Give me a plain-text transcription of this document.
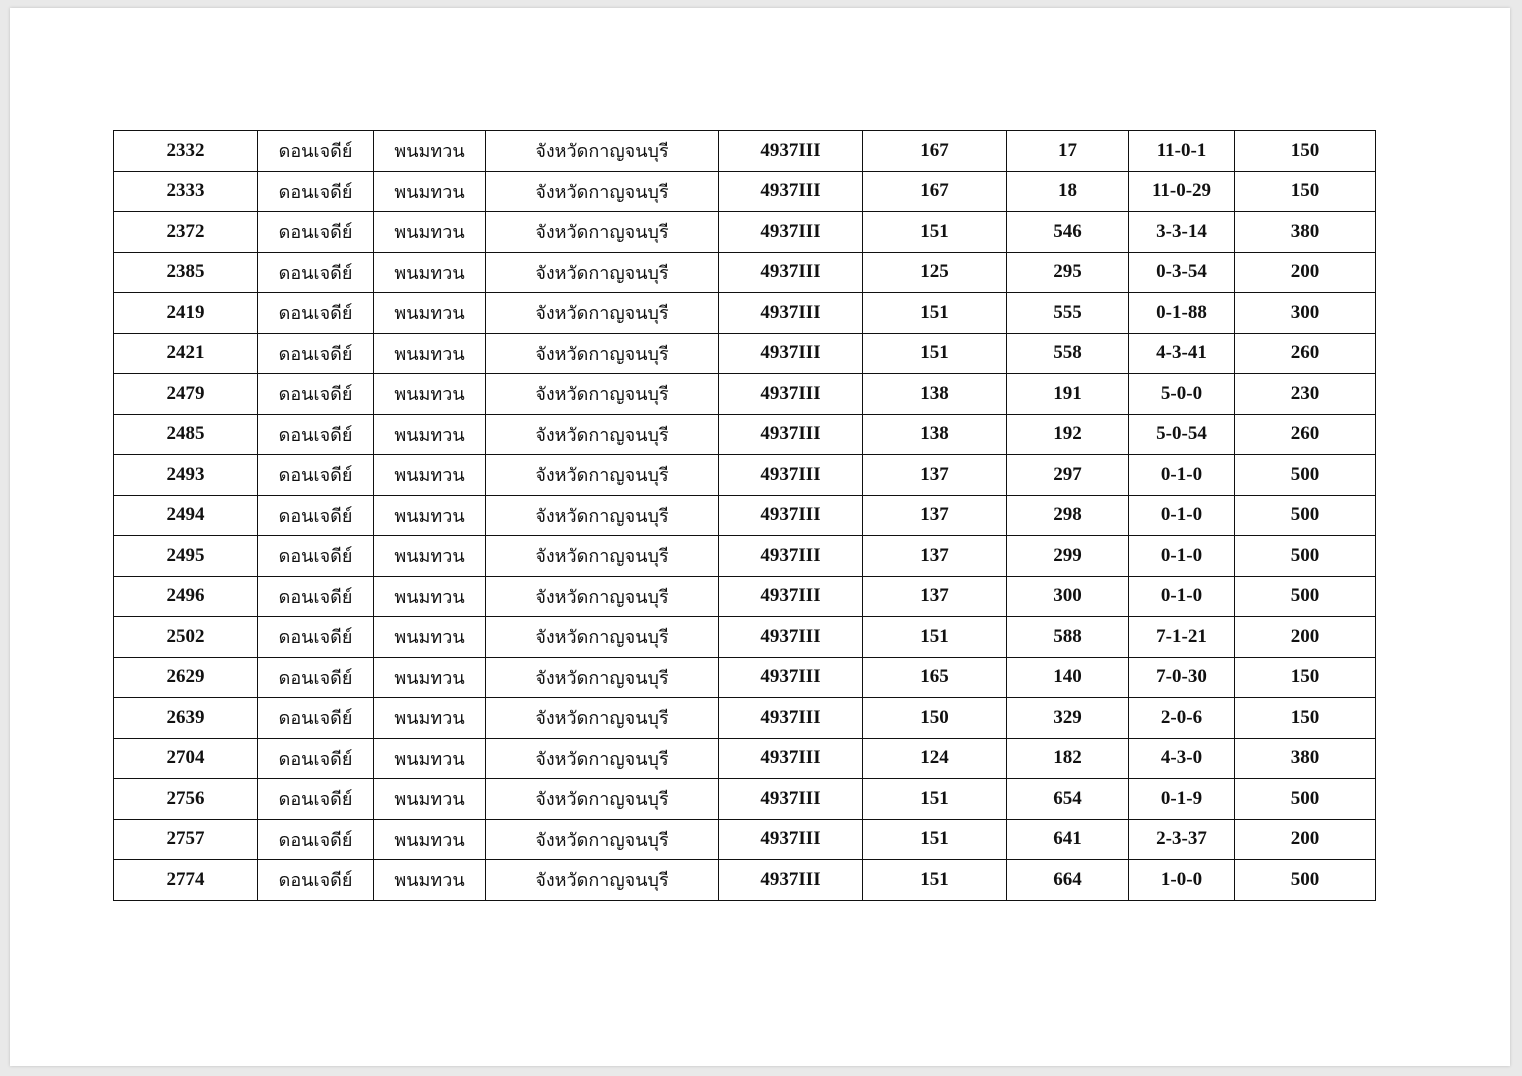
2332	ดอนเจดีย์	พนมทวน	จังหวัดกาญจนบุรี	4937III	167	17	11-0-1	150
2333	ดอนเจดีย์	พนมทวน	จังหวัดกาญจนบุรี	4937III	167	18	11-0-29	150
2372	ดอนเจดีย์	พนมทวน	จังหวัดกาญจนบุรี	4937III	151	546	3-3-14	380
2385	ดอนเจดีย์	พนมทวน	จังหวัดกาญจนบุรี	4937III	125	295	0-3-54	200
2419	ดอนเจดีย์	พนมทวน	จังหวัดกาญจนบุรี	4937III	151	555	0-1-88	300
2421	ดอนเจดีย์	พนมทวน	จังหวัดกาญจนบุรี	4937III	151	558	4-3-41	260
2479	ดอนเจดีย์	พนมทวน	จังหวัดกาญจนบุรี	4937III	138	191	5-0-0	230
2485	ดอนเจดีย์	พนมทวน	จังหวัดกาญจนบุรี	4937III	138	192	5-0-54	260
2493	ดอนเจดีย์	พนมทวน	จังหวัดกาญจนบุรี	4937III	137	297	0-1-0	500
2494	ดอนเจดีย์	พนมทวน	จังหวัดกาญจนบุรี	4937III	137	298	0-1-0	500
2495	ดอนเจดีย์	พนมทวน	จังหวัดกาญจนบุรี	4937III	137	299	0-1-0	500
2496	ดอนเจดีย์	พนมทวน	จังหวัดกาญจนบุรี	4937III	137	300	0-1-0	500
2502	ดอนเจดีย์	พนมทวน	จังหวัดกาญจนบุรี	4937III	151	588	7-1-21	200
2629	ดอนเจดีย์	พนมทวน	จังหวัดกาญจนบุรี	4937III	165	140	7-0-30	150
2639	ดอนเจดีย์	พนมทวน	จังหวัดกาญจนบุรี	4937III	150	329	2-0-6	150
2704	ดอนเจดีย์	พนมทวน	จังหวัดกาญจนบุรี	4937III	124	182	4-3-0	380
2756	ดอนเจดีย์	พนมทวน	จังหวัดกาญจนบุรี	4937III	151	654	0-1-9	500
2757	ดอนเจดีย์	พนมทวน	จังหวัดกาญจนบุรี	4937III	151	641	2-3-37	200
2774	ดอนเจดีย์	พนมทวน	จังหวัดกาญจนบุรี	4937III	151	664	1-0-0	500
